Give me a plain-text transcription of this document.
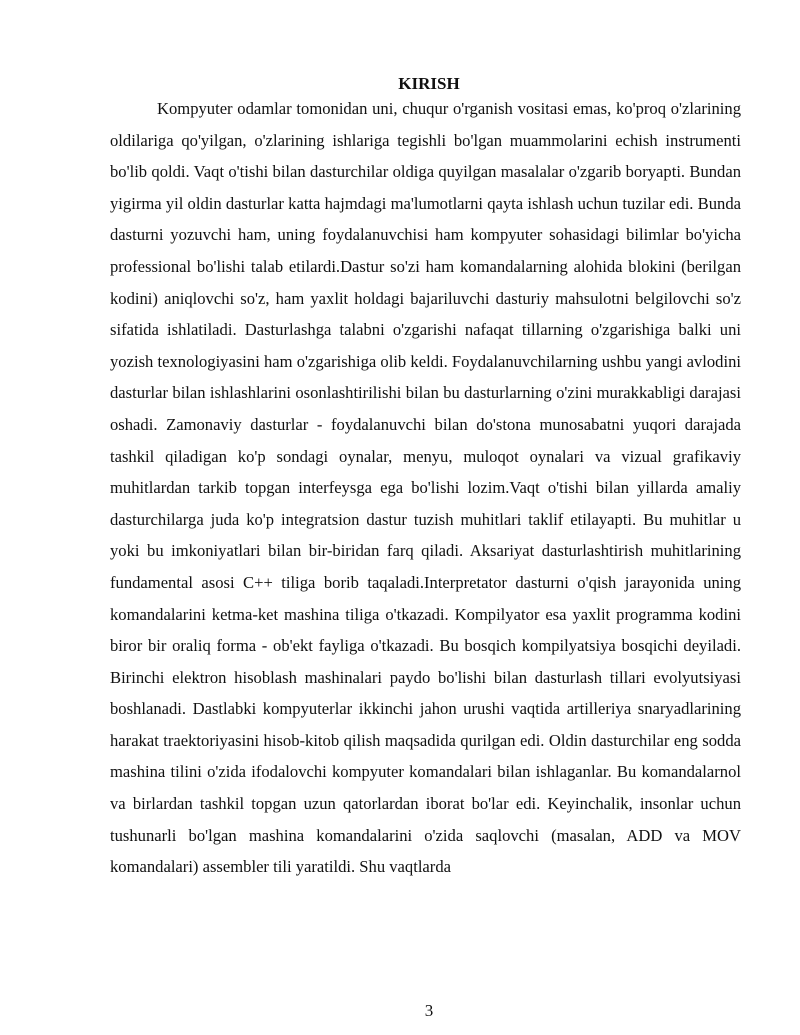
KIRISH

Kompyuter odamlar tomonidan uni, chuqur o'rganish vositasi emas, ko'proq o'zlarining oldilariga qo'yilgan, o'zlarining ishlariga tegishli bo'lgan muammolarini echish instrumenti bo'lib qoldi. Vaqt o'tishi bilan dasturchilar oldiga quyilgan masalalar o'zgarib boryapti. Bundan yigirma yil oldin dasturlar katta hajmdagi ma'lumotlarni qayta ishlash uchun tuzilar edi. Bunda dasturni yozuvchi ham, uning foydalanuvchisi ham kompyuter sohasidagi bilimlar bo'yicha professional bo'lishi talab etilardi.Dastur so'zi ham komandalarning alohida blokini (berilgan kodini) aniqlovchi so'z, ham yaxlit holdagi bajariluvchi dasturiy mahsulotni belgilovchi so'z sifatida ishlatiladi. Dasturlashga talabni o'zgarishi nafaqat tillarning o'zgarishiga balki uni yozish texnologiyasini ham o'zgarishiga olib keldi. Foydalanuvchilarning ushbu yangi avlodini dasturlar bilan ishlashlarini osonlashtirilishi bilan bu dasturlarning o'zini murakkabligi darajasi oshadi. Zamonaviy dasturlar - foydalanuvchi bilan do'stona munosabatni yuqori darajada tashkil qiladigan ko'p sondagi oynalar, menyu, muloqot oynalari va vizual grafikaviy muhitlardan tarkib topgan interfeysga ega bo'lishi lozim.Vaqt o'tishi bilan yillarda amaliy dasturchilarga juda ko'p integratsion dastur tuzish muhitlari taklif etilayapti. Bu muhitlar u yoki bu imkoniyatlari bilan bir-biridan farq qiladi. Aksariyat dasturlashtirish muhitlarining fundamental asosi C++ tiliga borib taqaladi.Interpretator dasturni o'qish jarayonida uning komandalarini ketma-ket mashina tiliga o'tkazadi. Kompilyator esa yaxlit programma kodini biror bir oraliq forma - ob'ekt fayliga o'tkazadi. Bu bosqich kompilyatsiya bosqichi deyiladi. Birinchi elektron hisoblash mashinalari paydo bo'lishi bilan dasturlash tillari evolyutsiyasi boshlanadi. Dastlabki kompyuterlar ikkinchi jahon urushi vaqtida artilleriya snaryadlarining harakat traektoriyasini hisob-kitob qilish maqsadida qurilgan edi. Oldin dasturchilar eng sodda mashina tilini o'zida ifodalovchi kompyuter komandalari bilan ishlaganlar. Bu komandalarnol va birlardan tashkil topgan uzun qatorlardan iborat bo'lar edi. Keyinchalik, insonlar uchun tushunarli bo'lgan mashina komandalarini o'zida saqlovchi (masalan, ADD va MOV komandalari) assembler tili yaratildi. Shu vaqtlarda

3
